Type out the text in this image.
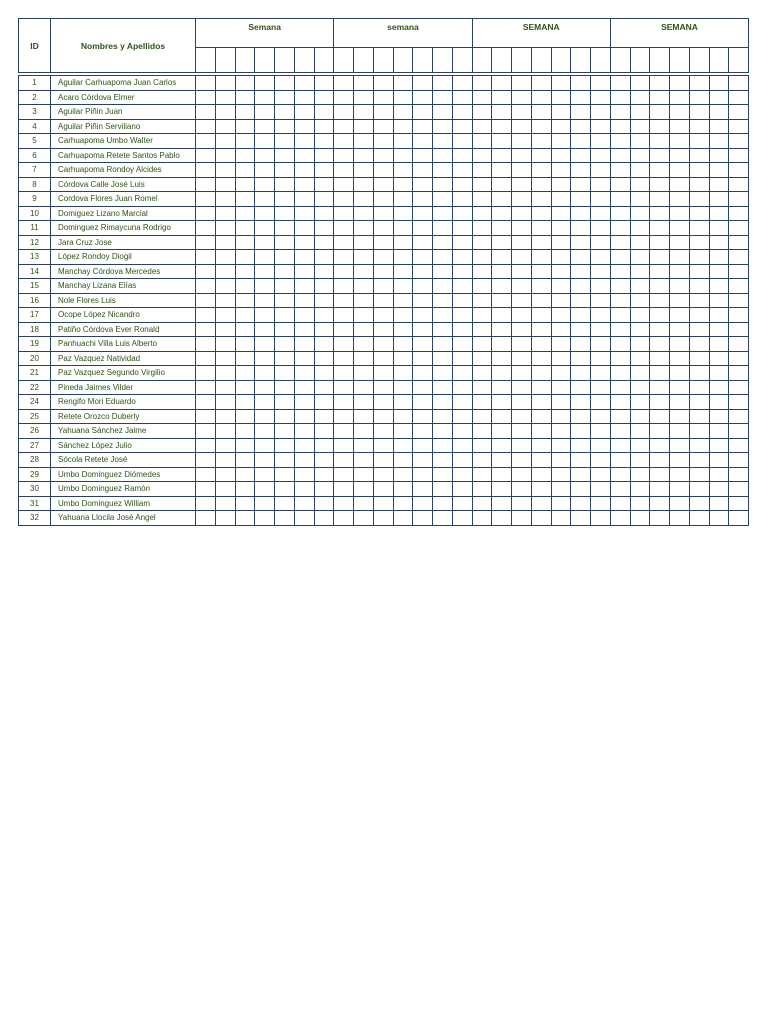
ID	Nombres y Apellidos	Semana							semana							SEMANA							SEMANA						

1	Aguilar Carhuapoma Juan Carlos																												
2	Acaro Córdova Elmer																												
3	Aguilar Piñin Juan																												
4	Aguilar Piñin Serviliano																												
5	Carhuapoma Umbo Walter																												
6	Carhuapoma Retete Santos Pablo																												
7	Carhuapoma Rondoy Alcides																												
8	Córdova Calle José Luis																												
9	Cordova Flores Juan Romel																												
10	Domiguez Lizano Marcial																												
11	Dominguez Rimaycuna Rodrigo																												
12	Jara Cruz Jose																												
13	López Rondoy Diogil																												
14	Manchay Córdova Mercedes																												
15	Manchay Lizana Elías																												
16	Nole Flores Luis																												
17	Ocope López Nicandro																												
18	Patiño Córdova Ever Ronald																												
19	Panhuachi Villa Luis Alberto																												
20	Paz Vazquez Natividad																												
21	Paz Vazquez Segundo Virgilio																												
22	Pineda Jaimes Vilder																												
24	Rengifo Mori Eduardo																												
25	Retete Orozco Duberly																												
26	Yahuana Sánchez Jaime																												
27	Sánchez López Julio																												
28	Sócola Retete José																												
29	Umbo Dominguez Diómedes																												
30	Umbo Dominguez Ramón																												
31	Umbo Dominguez William																												
32	Yahuana Llocila José Angel																												
